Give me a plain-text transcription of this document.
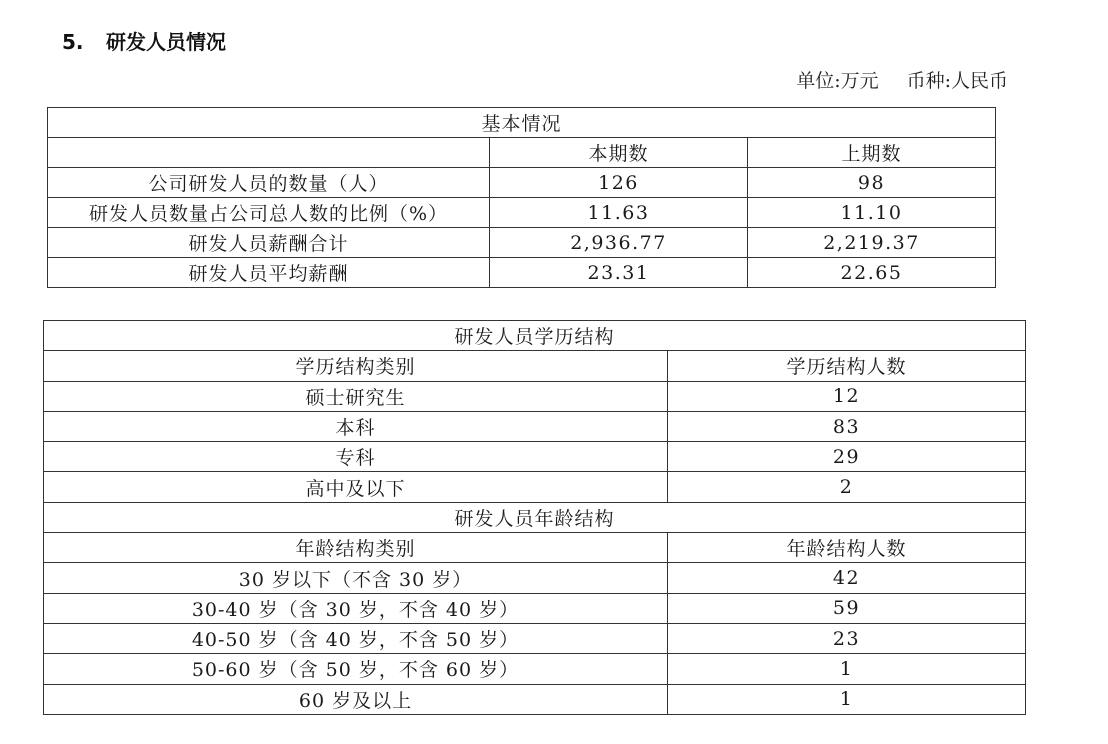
5. 研发人员情况
单位:万元 币种:人民币
基本情况		
	本期数	上期数
公司研发人员的数量（人）	126	98
研发人员数量占公司总人数的比例（%）	11.63	11.10
研发人员薪酬合计	2,936.77	2,219.37
研发人员平均薪酬	23.31	22.65
研发人员学历结构	
学历结构类别	学历结构人数
硕士研究生	12
本科	83
专科	29
高中及以下	2
研发人员年龄结构	
年龄结构类别	年龄结构人数
30 岁以下（不含 30 岁）	42
30-40 岁（含 30 岁，不含 40 岁）	59
40-50 岁（含 40 岁，不含 50 岁）	23
50-60 岁（含 50 岁，不含 60 岁）	1
60 岁及以上	1
